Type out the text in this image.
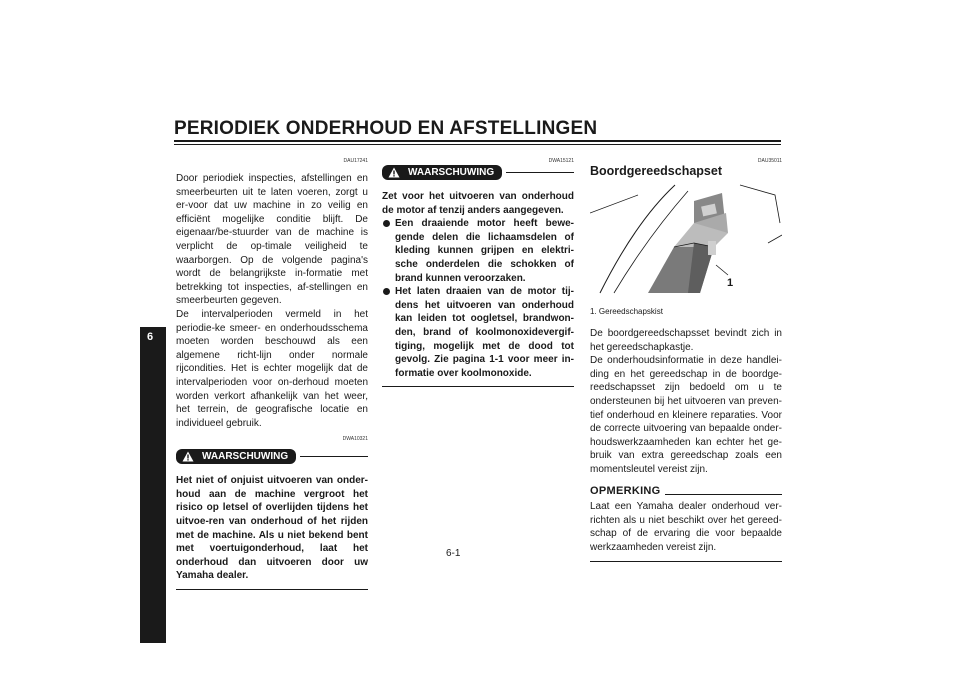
PERIODIEK ONDERHOUD EN AFSTELLINGEN
6
DAU17241

Door periodiek inspecties, afstellingen en smeerbeurten uit te laten voeren, zorgt u er-voor dat uw machine in zo veilig en efficiënt mogelijke conditie blijft. De eigenaar/be-stuurder van de machine is verplicht de op-timale veiligheid te waarborgen. Op de volgende pagina's wordt de belangrijkste in-formatie met betrekking tot inspecties, af-stellingen en smeerbeurten gegeven.

De intervalperioden vermeld in het periodie-ke smeer- en onderhoudsschema moeten worden beschouwd als een algemene richt-lijn onder normale rijcondities. Het is echter mogelijk dat de intervalperioden voor on-derhoud moeten worden verkort afhankelijk van het weer, het terrein, de geografische locatie en individueel gebruik.

DWA10321
WAARSCHUWING

Het niet of onjuist uitvoeren van onder-houd aan de machine vergroot het risico op letsel of overlijden tijdens het uitvoe-ren van onderhoud of het rijden met de machine. Als u niet bekend bent met voertuigonderhoud, laat het onderhoud dan uitvoeren door uw Yamaha dealer.

DWA15121
WAARSCHUWING

Zet voor het uitvoeren van onderhoud de motor af tenzij anders aangegeven.

Een draaiende motor heeft bewe-gende delen die lichaamsdelen of kleding kunnen grijpen en elektri-sche onderdelen die schokken of brand kunnen veroorzaken.
Het laten draaien van de motor tij-dens het uitvoeren van onderhoud kan leiden tot oogletsel, brandwon-den, brand of koolmonoxidevergif-tiging, mogelijk met de dood tot gevolg. Zie pagina 1-1 voor meer in-formatie over koolmonoxide.
DAU35011
Boordgereedschapset
1
1. Gereedschapskist

De boordgereedschapsset bevindt zich in het gereedschapkastje.

De onderhoudsinformatie in deze handlei-ding en het gereedschap in de boordge-reedschapsset zijn bedoeld om u te ondersteunen bij het uitvoeren van preven-tief onderhoud en kleinere reparaties. Voor de correcte uitvoering van bepaalde onder-houdswerkzaamheden kan echter het ge-bruik van extra gereedschap zoals een momentsleutel vereist zijn.

OPMERKING

Laat een Yamaha dealer onderhoud ver-richten als u niet beschikt over het gereed-schap of de ervaring die voor bepaalde werkzaamheden vereist zijn.

6-1
